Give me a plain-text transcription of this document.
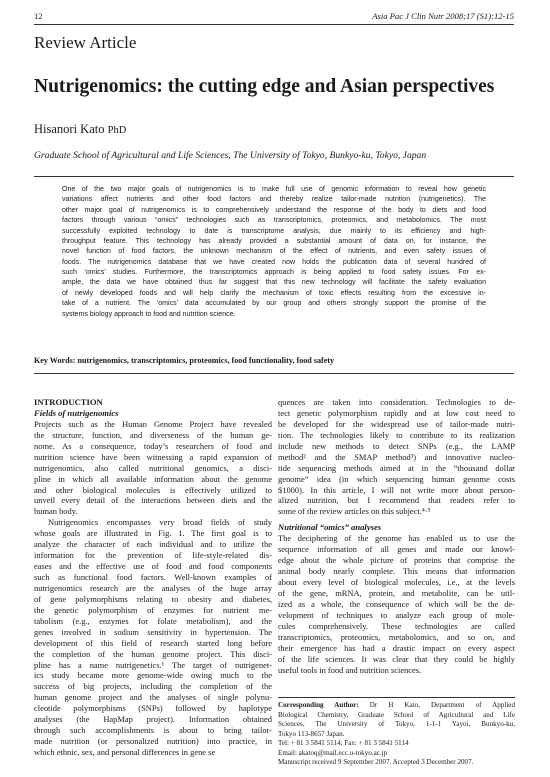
12	Asia Pac J Clin Nutr 2008;17 (S1):12-15
Review Article
Nutrigenomics: the cutting edge and Asian perspectives
Hisanori Kato PhD
Graduate School of Agricultural and Life Sciences, The University of Tokyo, Bunkyo-ku, Tokyo, Japan
One of the two major goals of nutrigenomics is to make full use of genomic information to reveal how genetic
variations affect nutrients and other food factors and thereby realize tailor-made nutrition (nutrigenetics). The
other major goal of nutrigenomics is to comprehensively understand the response of the body to diets and food
factors through various “omics” technologies such as transcriptomics, proteomics, and metabolomics. The most
successfully exploited technology to date is transcriptome analysis, due mainly to its efficiency and high-
throughput feature. This technology has already provided a substantial amount of data on, for instance, the
novel function of food factors, the unknown mechanism of the effect of nutrients, and even safety issues of
foods. The nutrigenomics database that we have created now holds the publication data of several hundred of
such ‘omics’ studies. Furthermore, the transcriptomics approach is being applied to food safety issues. For ex-
ample, the data we have obtained thus far suggest that this new technology will facilitate the safety evaluation
of newly developed foods and will help clarify the mechanism of toxic effects resulting from the excessive in-
take of a nutrient. The ‘omics’ data accumulated by our group and others strongly support the promise of the
systems biology approach to food and nutrition science.
Key Words: nutrigenomics, transcriptomics, proteomics, food functionality, food safety
INTRODUCTION
Fields of nutrigenomics
Projects such as the Human Genome Project have revealed
the structure, function, and diverseness of the human ge-
nome. As a consequence, today’s researchers of food and
nutrition science have been witnessing a rapid expansion of
nutrigenomics, also called nutritional genomics, a disci-
pline in which all available information about the genome
and other biological molecules is effectively utilized to
unveil every detail of the interactions between diets and the
human body.
Nutrigenomics encompasses very broad fields of study
whose goals are illustrated in Fig. 1. The first goal is to
analyze the character of each individual and to utilize the
information for the prevention of life-style-related dis-
eases and the effective use of food and food components
such as functional food factors. Well-known examples of
nutrigenomics research are the analyses of the huge array
of gene polymorphisms relating to obesity and diabetes,
the genetic polymorphism of enzymes for nutrient me-
tabolism (e.g., enzymes for folate metabolism), and the
genes involved in sodium sensitivity in hypertension. The
development of this field of research started long before
the completion of the human genome project. This disci-
pline has a name nutrigenetics.¹ The target of nutrigenet-
ics study became more genome-wide owing much to the
success of big projects, including the completion of the
human genome project and the analyses of single polynu-
cleotide polymorphisms (SNPs) followed by haplotype
analyses (the HapMap project). Information obtained
through such accomplishments is about to bring tailor-
made nutrition (or personalized nutrition) into practice, in
which ethnic, sex, and personal differences in gene se
quences are taken into consideration. Technologies to de-
tect genetic polymorphism rapidly and at low cost need to
be developed for the widespread use of tailor-made nutri-
tion. The technologies likely to contribute to its realization
include new methods to detect SNPs (e.g., the LAMP
method² and the SMAP method³) and innovative nucleo-
tide sequencing methods aimed at in the “thousand dollar
genome” idea (in which sequencing human genome costs
$1000). In this article, I will not write more about person-
alized nutrition, but I recommend that readers refer to
some of the review articles on this subject.⁴·⁵
Nutritional “omics” analyses
The deciphering of the genome has enabled us to use the
sequence information of all genes and made our knowl-
edge about the whole picture of proteins that comprise the
animal body nearly complete. This means that information
about every level of biological molecules, i.e., at the levels
of the gene, mRNA, protein, and metabolite, can be util-
ized as a whole, the consequence of which will be the de-
velopment of techniques to analyze each group of mole-
cules comprehensively. These technologies are called
transcriptomics, proteomics, metabolomics, and so on, and
their emergence has had a drastic impact on every aspect
of the life sciences. It was clear that they could be highly
useful tools in food and nutrition sciences.
Corresponding Author: Dr H Kato, Department of Applied
Biological Chemistry, Graduate School of Agricultural and Life
Sciences, The University of Tokyo, 1-1-1 Yayoi, Bunkyo-ku,
Tokyo 113-8657 Japan.
Tel: + 81 3 5841 5114; Fax: + 81 3 5841 5114
Email: akatoq@mail.ecc.u-tokyo.ac.jp
Manuscript received 9 September 2007. Accepted 3 December 2007.
